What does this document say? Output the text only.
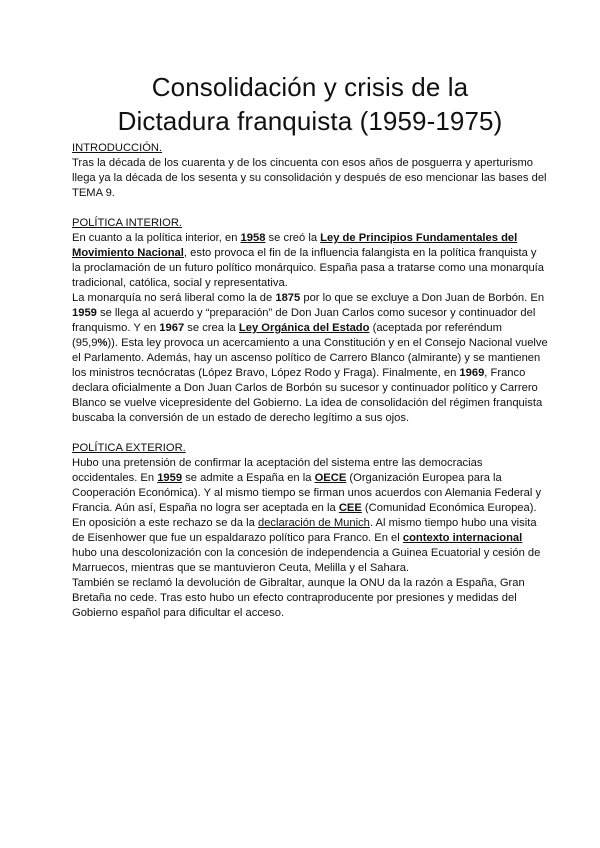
Consolidación y crisis de la
Dictadura franquista (1959-1975)
INTRODUCCIÓN.

Tras la década de los cuarenta y de los cincuenta con esos años de posguerra y aperturismo llega ya la década de los sesenta y su consolidación y después de eso mencionar las bases del TEMA 9.

POLÍTICA INTERIOR.

En cuanto a la política interior, en 1958 se creó la Ley de Principios Fundamentales del Movimiento Nacional, esto provoca el fin de la influencia falangista en la política franquista y la proclamación de un futuro político monárquico. España pasa a tratarse como una monarquía tradicional, católica, social y representativa.

La monarquía no será liberal como la de 1875 por lo que se excluye a Don Juan de Borbón. En 1959 se llega al acuerdo y “preparación” de Don Juan Carlos como sucesor y continuador del franquismo. Y en 1967 se crea la Ley Orgánica del Estado (aceptada por referéndum (95,9%)). Esta ley provoca un acercamiento a una Constitución y en el Consejo Nacional vuelve el Parlamento. Además, hay un ascenso político de Carrero Blanco (almirante) y se mantienen los ministros tecnócratas (López Bravo, López Rodo y Fraga). Finalmente, en 1969, Franco declara oficialmente a Don Juan Carlos de Borbón su sucesor y continuador político y Carrero Blanco se vuelve vicepresidente del Gobierno. La idea de consolidación del régimen franquista buscaba la conversión de un estado de derecho legítimo a sus ojos.

POLÍTICA EXTERIOR.

Hubo una pretensión de confirmar la aceptación del sistema entre las democracias occidentales. En 1959 se admite a España en la OECE (Organización Europea para la Cooperación Económica). Y al mismo tiempo se firman unos acuerdos con Alemania Federal y Francia. Aún así, España no logra ser aceptada en la CEE (Comunidad Económica Europea). En oposición a este rechazo se da la declaración de Munich. Al mismo tiempo hubo una visita de Eisenhower que fue un espaldarazo político para Franco. En el contexto internacional hubo una descolonización con la concesión de independencia a Guinea Ecuatorial y cesión de Marruecos, mientras que se mantuvieron Ceuta, Melilla y el Sahara.

También se reclamó la devolución de Gibraltar, aunque la ONU da la razón a España, Gran Bretaña no cede. Tras esto hubo un efecto contraproducente por presiones y medidas del Gobierno español para dificultar el acceso.
